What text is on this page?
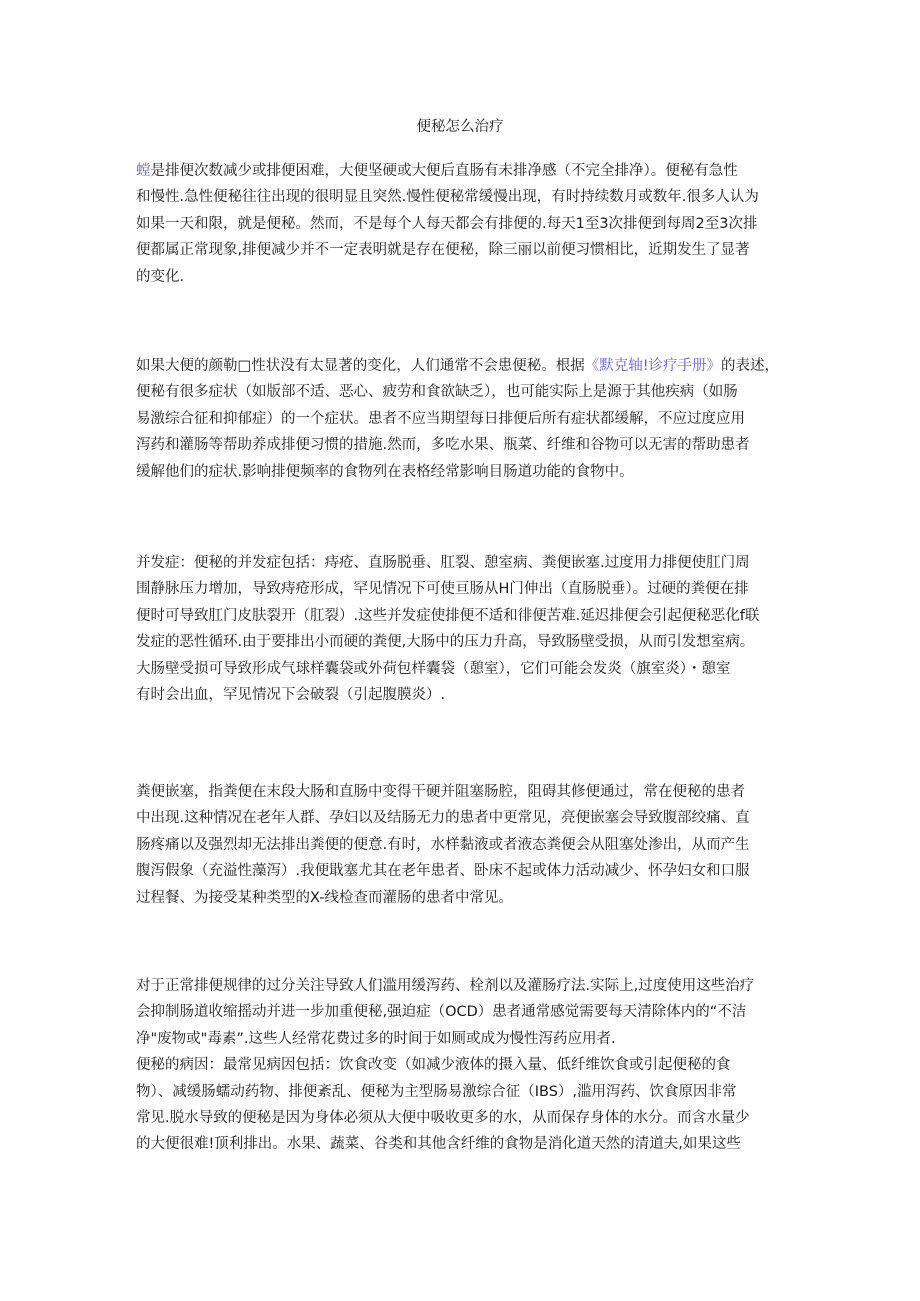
便秘怎么治疗
螳是排便次数减少或排便困难，大便坚硬或大便后直肠有未排净感（不完全排净）。便秘有急性
和慢性.急性便秘往往出现的很明显且突然.慢性便秘常缓慢出现，有时持续数月或数年.很多人认为
如果一天和限，就是便秘。然而，不是每个人每天都会有排便的.每天1至3次排便到每周2至3次排
便都属正常现象,排便减少并不一定表明就是存在便秘，除三丽以前便习惯相比，近期发生了显著
的变化.
如果大便的颜勒□性状没有太显著的变化，人们通常不会患便秘。根据《默克轴!诊疗手册》的表述，
便秘有很多症状（如版部不适、恶心、疲劳和食欲缺乏），也可能实际上是源于其他疾病（如肠
易激综合征和抑郁症）的一个症状。患者不应当期望每日排便后所有症状都缓解，不应过度应用
泻药和灌肠等帮助养成排便习惯的措施.然而，多吃水果、瓶菜、纤维和谷物可以无害的帮助患者
缓解他们的症状.影响排便频率的食物列在表格经常影响目肠道功能的食物中。
并发症：便秘的并发症包括：痔疮、直肠脱垂、肛裂、憩室病、粪便嵌塞.过度用力排便使肛门周
围静脉压力增加，导致痔疮形成，罕见情况下可使亘肠从H门伸出（直肠脱垂）。过硬的粪便在排
便时可导致肛门皮肤裂开（肛裂）.这些并发症使排便不适和徘便苦难.延迟排便会引起便秘恶化f联
发症的恶性循环.由于要排出小而硬的粪便,大肠中的压力升高，导致肠壁受损，从而引发想室病。
大肠壁受损可导致形成气球样囊袋或外荷包样囊袋（憩室），它们可能会发炎（旗室炎）・憩室
有时会出血，罕见情况下会破裂（引起腹膜炎）.
粪便嵌塞，指粪便在末段大肠和直肠中变得干硬并阻塞肠腔，阻碍其修便通过，常在便秘的患者
中出现.这种情况在老年人群、孕妇以及结肠无力的患者中更常见，亮便嵌塞会导致腹部绞痛、直
肠疼痛以及强烈却无法排出粪便的便意.有时，水样黏液或者液态粪便会从阻塞处渗出，从而产生
腹泻假象（充溢性藻泻）.我便戢塞尤其在老年患者、卧床不起或体力活动减少、怀孕妇女和口服
过程餐、为接受某种类型的X-线检查而灌肠的患者中常见。
对于正常排便规律的过分关注导致人们滥用缓泻药、栓剂以及灌肠疗法.实际上,过度使用这些治疗
会抑制肠道收缩摇动并进一步加重便秘,强迫症（OCD）患者通常感觉需要每天清除体内的“不洁
净"废物或"毒素”.这些人经常花费过多的时间于如厕或成为慢性泻药应用者.
便秘的病因：最常见病因包括：饮食改变（如减少液体的摄入量、低纤维饮食或引起便秘的食
物）、减缓肠蠕动药物、排便紊乱、便秘为主型肠易激综合征（IBS）,滥用泻药、饮食原因非常
常见.脱水导致的便秘是因为身体必须从大便中吸收更多的水，从而保存身体的水分。而含水量少
的大便很难!顶利排出。水果、蔬菜、谷类和其他含纤维的食物是消化道天然的清道夫,如果这些
